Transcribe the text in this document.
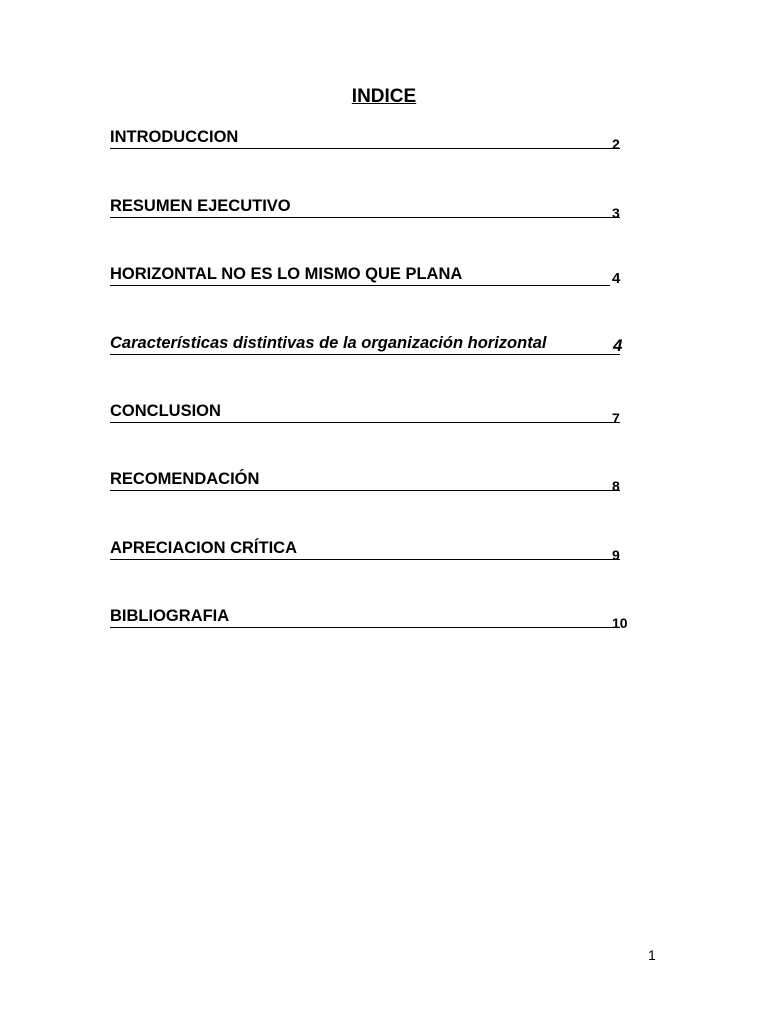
INDICE
INTRODUCCION	2
RESUMEN EJECUTIVO	3
HORIZONTAL NO ES LO MISMO QUE PLANA	4
Características distintivas de la organización horizontal	4
CONCLUSION	7
RECOMENDACIÓN	8
APRECIACION CRÍTICA	9
BIBLIOGRAFIA	10
1
